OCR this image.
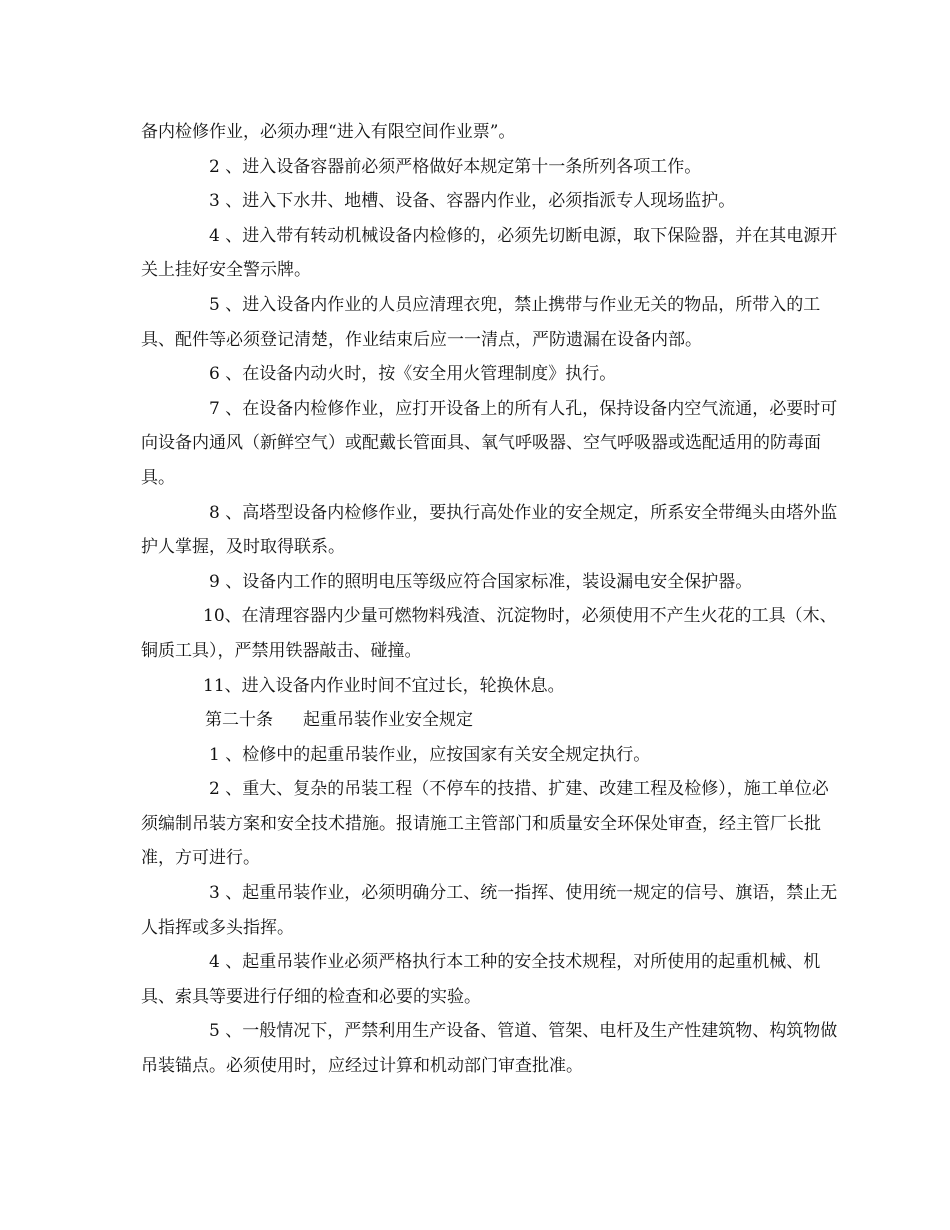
备内检修作业，必须办理“进入有限空间作业票”。

2 、进入设备容器前必须严格做好本规定第十一条所列各项工作。

3 、进入下水井、地槽、设备、容器内作业，必须指派专人现场监护。

4 、进入带有转动机械设备内检修的，必须先切断电源，取下保险器，并在其电源开关上挂好安全警示牌。

5 、进入设备内作业的人员应清理衣兜，禁止携带与作业无关的物品，所带入的工具、配件等必须登记清楚，作业结束后应一一清点，严防遗漏在设备内部。

6 、在设备内动火时，按《安全用火管理制度》执行。

7 、在设备内检修作业，应打开设备上的所有人孔，保持设备内空气流通，必要时可向设备内通风（新鲜空气）或配戴长管面具、氧气呼吸器、空气呼吸器或选配适用的防毒面具。

8 、高塔型设备内检修作业，要执行高处作业的安全规定，所系安全带绳头由塔外监护人掌握，及时取得联系。

9 、设备内工作的照明电压等级应符合国家标准，装设漏电安全保护器。

10、在清理容器内少量可燃物料残渣、沉淀物时，必须使用不产生火花的工具（木、铜质工具），严禁用铁器敲击、碰撞。

11、进入设备内作业时间不宜过长，轮换休息。

第二十条 起重吊装作业安全规定

1 、检修中的起重吊装作业，应按国家有关安全规定执行。

2 、重大、复杂的吊装工程（不停车的技措、扩建、改建工程及检修），施工单位必须编制吊装方案和安全技术措施。报请施工主管部门和质量安全环保处审查，经主管厂长批准，方可进行。

3 、起重吊装作业，必须明确分工、统一指挥、使用统一规定的信号、旗语，禁止无人指挥或多头指挥。

4 、起重吊装作业必须严格执行本工种的安全技术规程，对所使用的起重机械、机具、索具等要进行仔细的检查和必要的实验。

5 、一般情况下，严禁利用生产设备、管道、管架、电杆及生产性建筑物、构筑物做吊装锚点。必须使用时，应经过计算和机动部门审查批准。
